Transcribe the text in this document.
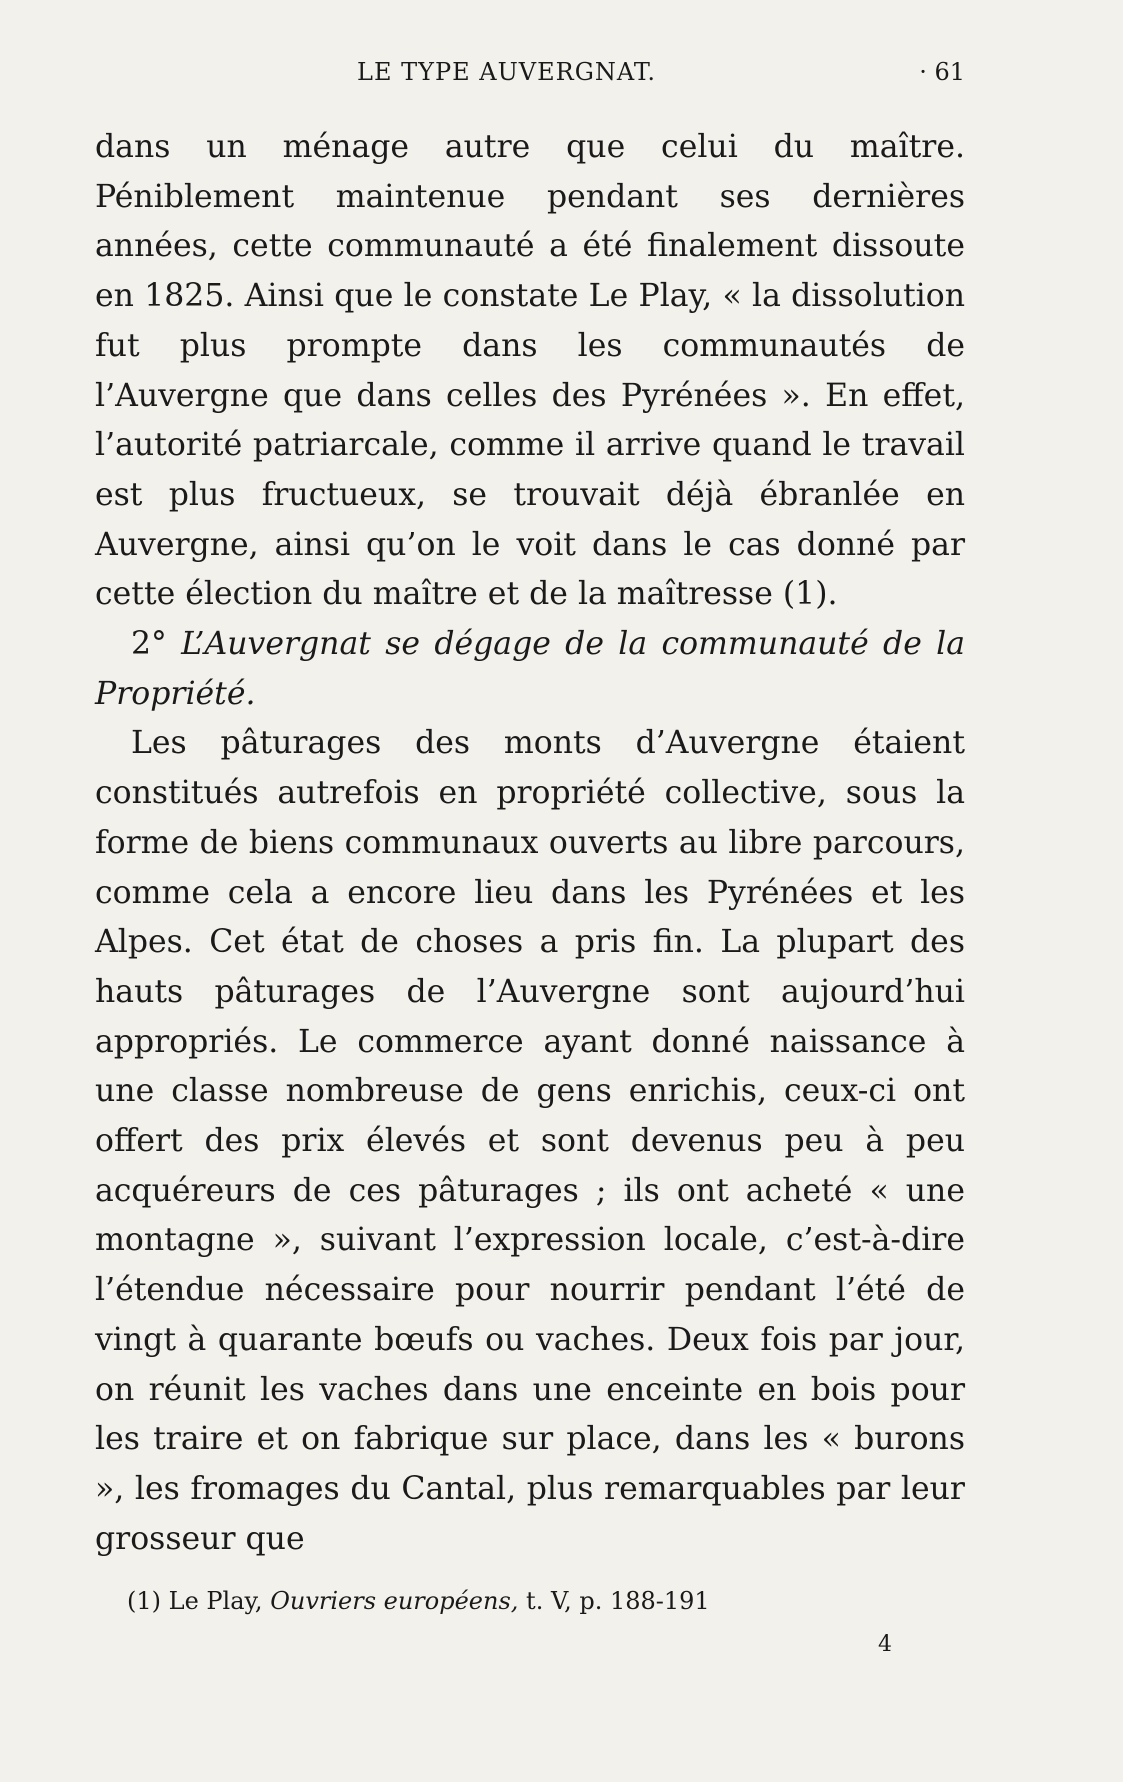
LE TYPE AUVERGNAT.	· 61

dans un ménage autre que celui du maître. Péniblement maintenue pendant ses dernières années, cette communauté a été finalement dissoute en 1825. Ainsi que le constate Le Play, « la dissolution fut plus prompte dans les communautés de l’Auvergne que dans celles des Pyrénées ». En effet, l’autorité patriarcale, comme il arrive quand le travail est plus fructueux, se trouvait déjà ébranlée en Auvergne, ainsi qu’on le voit dans le cas donné par cette élection du maître et de la maîtresse (1).

2° L’Auvergnat se dégage de la communauté de la Propriété.

Les pâturages des monts d’Auvergne étaient constitués autrefois en propriété collective, sous la forme de biens communaux ouverts au libre parcours, comme cela a encore lieu dans les Pyrénées et les Alpes. Cet état de choses a pris fin. La plupart des hauts pâturages de l’Auvergne sont aujourd’hui appropriés. Le commerce ayant donné naissance à une classe nombreuse de gens enrichis, ceux-ci ont offert des prix élevés et sont devenus peu à peu acquéreurs de ces pâturages ; ils ont acheté « une montagne », suivant l’expression locale, c’est-à-dire l’étendue nécessaire pour nourrir pendant l’été de vingt à quarante bœufs ou vaches. Deux fois par jour, on réunit les vaches dans une enceinte en bois pour les traire et on fabrique sur place, dans les « burons », les fromages du Cantal, plus remarquables par leur grosseur que

(1) Le Play, Ouvriers européens, t. V, p. 188-191
4
